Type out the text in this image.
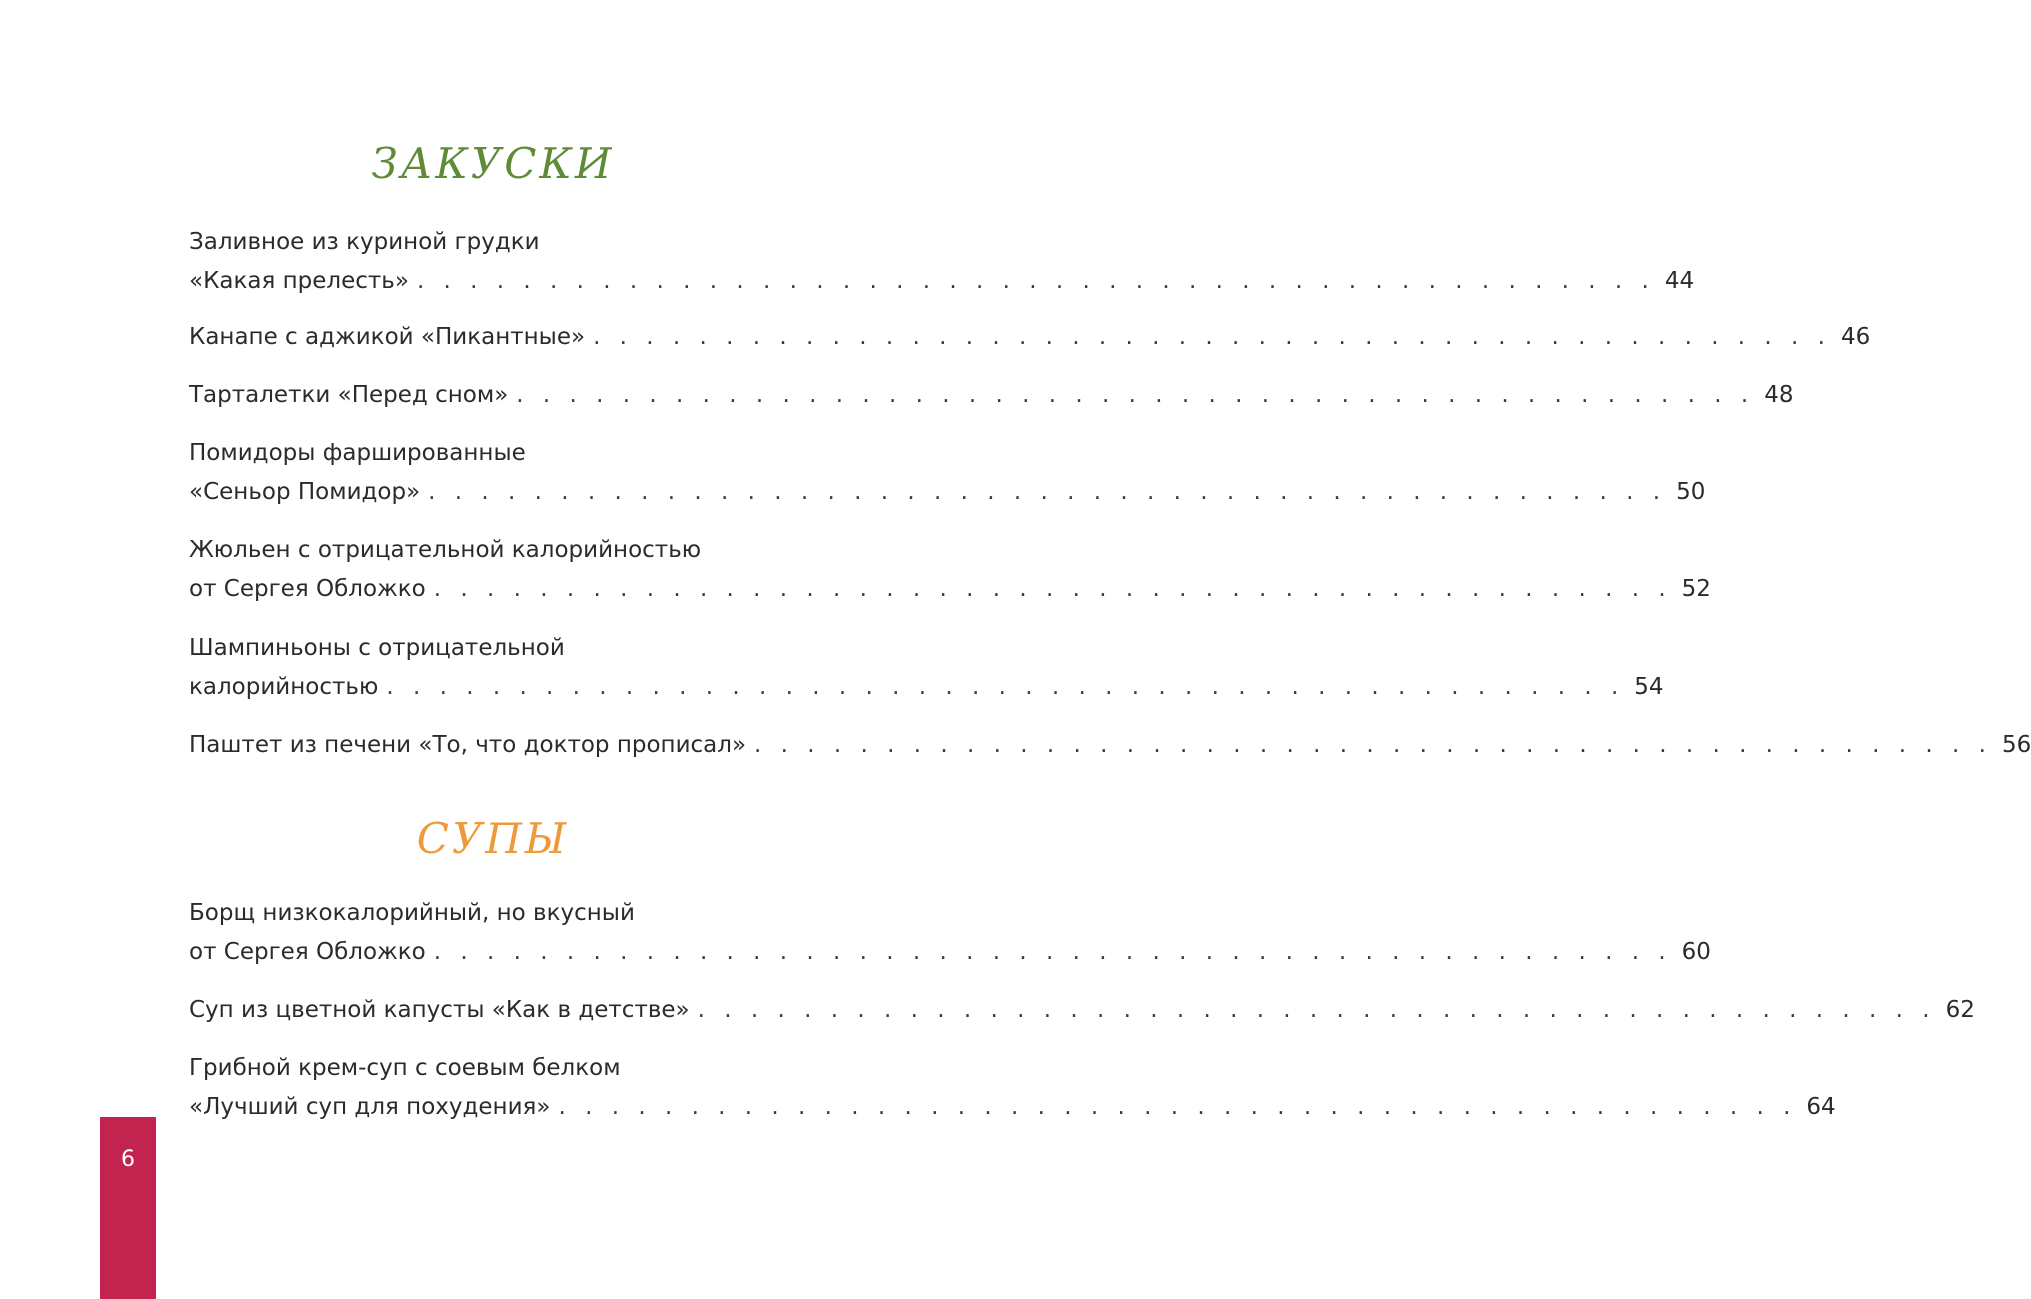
ЗАКУСКИ
Заливное из куриной грудки
«Какая прелесть» . . . . . . . . . . . . . . . . . . . . . . . . . . . . . . . . . . . . . . . . . . . . . . . 44
Канапе с аджикой «Пикантные» . . . . . . . . . . . . . . . . . . . . . . . . . . . . . . . . . . . . . . . . . . . . . . . 46
Тарталетки «Перед сном» . . . . . . . . . . . . . . . . . . . . . . . . . . . . . . . . . . . . . . . . . . . . . . . 48
Помидоры фаршированные
«Сеньор Помидор» . . . . . . . . . . . . . . . . . . . . . . . . . . . . . . . . . . . . . . . . . . . . . . . 50
Жюльен с отрицательной калорийностью
от Сергея Обложко . . . . . . . . . . . . . . . . . . . . . . . . . . . . . . . . . . . . . . . . . . . . . . . 52
Шампиньоны с отрицательной
калорийностью . . . . . . . . . . . . . . . . . . . . . . . . . . . . . . . . . . . . . . . . . . . . . . . 54
Паштет из печени «То, что доктор прописал» . . . . . . . . . . . . . . . . . . . . . . . . . . . . . . . . . . . . . . . . . . . . . . . 56
СУПЫ
Борщ низкокалорийный, но вкусный
от Сергея Обложко . . . . . . . . . . . . . . . . . . . . . . . . . . . . . . . . . . . . . . . . . . . . . . . 60
Суп из цветной капусты «Как в детстве» . . . . . . . . . . . . . . . . . . . . . . . . . . . . . . . . . . . . . . . . . . . . . . . 62
Грибной крем-суп с соевым белком
«Лучший суп для похудения» . . . . . . . . . . . . . . . . . . . . . . . . . . . . . . . . . . . . . . . . . . . . . . . 64
6
